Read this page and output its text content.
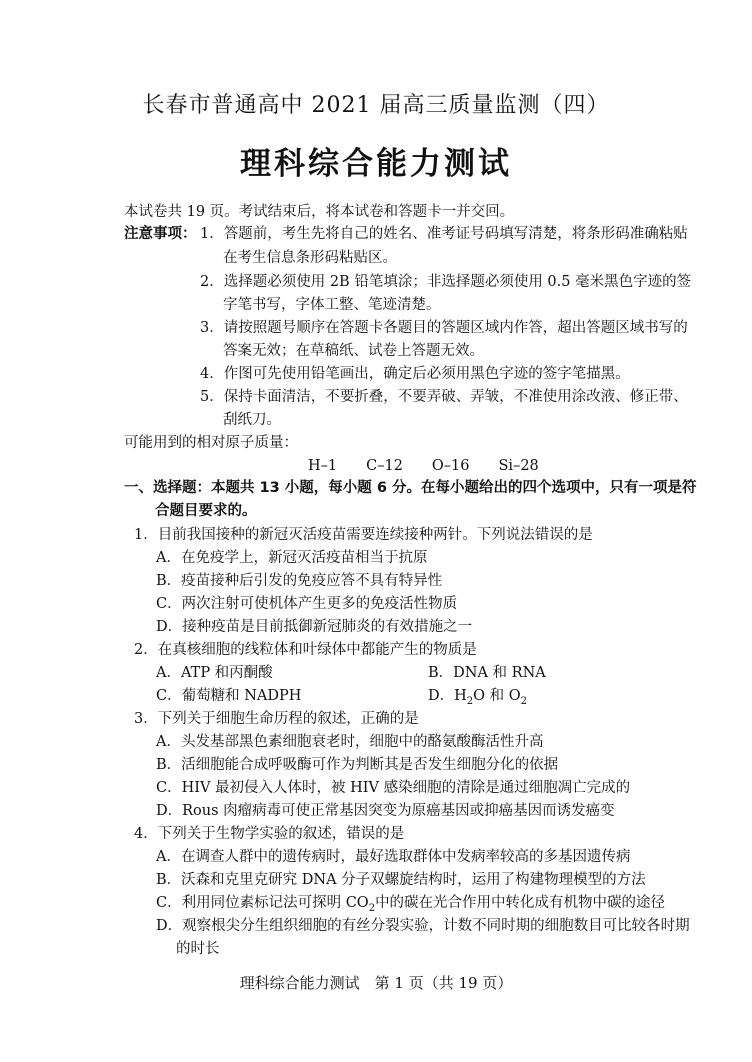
长春市普通高中 2021 届高三质量监测（四）
理科综合能力测试
本试卷共 19 页。考试结束后，将本试卷和答题卡一并交回。
注意事项： 1．答题前，考生先将自己的姓名、准考证号码填写清楚，将条形码准确粘贴
在考生信息条形码粘贴区。
2．选择题必须使用 2B 铅笔填涂；非选择题必须使用 0.5 毫米黑色字迹的签
字笔书写，字体工整、笔迹清楚。
3．请按照题号顺序在答题卡各题目的答题区域内作答，超出答题区域书写的
答案无效；在草稿纸、试卷上答题无效。
4．作图可先使用铅笔画出，确定后必须用黑色字迹的签字笔描黑。
5．保持卡面清洁，不要折叠，不要弄破、弄皱，不准使用涂改液、修正带、
刮纸刀。
可能用到的相对原子质量：
H–1　　C–12　　O–16　　Si–28
一、选择题：本题共 13 小题，每小题 6 分。在每小题给出的四个选项中，只有一项是符
合题目要求的。
1．目前我国接种的新冠灭活疫苗需要连续接种两针。下列说法错误的是
A．在免疫学上，新冠灭活疫苗相当于抗原
B．疫苗接种后引发的免疫应答不具有特异性
C．两次注射可使机体产生更多的免疫活性物质
D．接种疫苗是目前抵御新冠肺炎的有效措施之一
2．在真核细胞的线粒体和叶绿体中都能产生的物质是
A．ATP 和丙酮酸	B．DNA 和 RNA
C．葡萄糖和 NADPH	D．$H_2O$ 和 $O_2$
3．下列关于细胞生命历程的叙述，正确的是
A．头发基部黑色素细胞衰老时，细胞中的酪氨酸酶活性升高
B．活细胞能合成呼吸酶可作为判断其是否发生细胞分化的依据
C．HIV 最初侵入人体时，被 HIV 感染细胞的清除是通过细胞凋亡完成的
D．Rous 肉瘤病毒可使正常基因突变为原癌基因或抑癌基因而诱发癌变
4．下列关于生物学实验的叙述，错误的是
A．在调查人群中的遗传病时，最好选取群体中发病率较高的多基因遗传病
B．沃森和克里克研究 DNA 分子双螺旋结构时，运用了构建物理模型的方法
C．利用同位素标记法可探明 $CO_2$中的碳在光合作用中转化成有机物中碳的途径
D．观察根尖分生组织细胞的有丝分裂实验，计数不同时期的细胞数目可比较各时期
的时长
理科综合能力测试　第 1 页（共 19 页）
